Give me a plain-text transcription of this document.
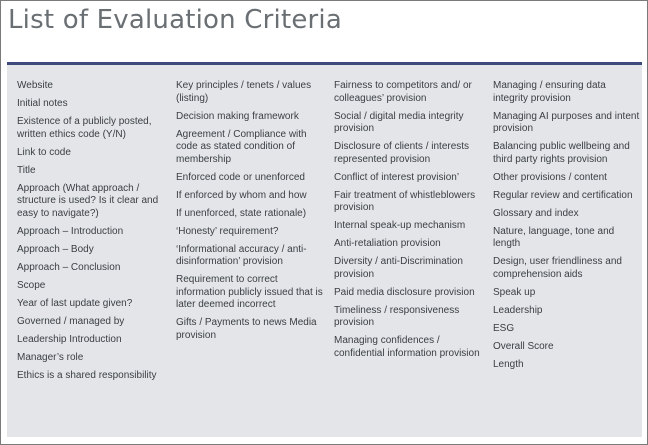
List of Evaluation Criteria
Website
Initial notes
Existence of a publicly posted, written ethics code (Y/N)
Link to code
Title
Approach (What approach / structure is used? Is it clear and easy to navigate?)
Approach – Introduction
Approach – Body
Approach – Conclusion
Scope
Year of last update given?
Governed / managed by
Leadership Introduction
Manager’s role
Ethics is a shared responsibility
Key principles / tenets / values (listing)
Decision making framework
Agreement / Compliance with code as stated condition of membership
Enforced code or unenforced
If enforced by whom and how
If unenforced, state rationale)
‘Honesty’ requirement?
‘Informational accuracy / anti-disinformation’ provision
Requirement to correct information publicly issued that is later deemed incorrect
Gifts / Payments to news Media provision
Fairness to competitors and/ or colleagues’ provision
Social / digital media integrity provision
Disclosure of clients / interests represented provision
Conflict of interest provision’
Fair treatment of whistleblowers provision
Internal speak-up mechanism
Anti-retaliation provision
Diversity / anti-Discrimination provision
Paid media disclosure provision
Timeliness / responsiveness provision
Managing confidences / confidential information provision
Managing / ensuring data integrity provision
Managing AI purposes and intent provision
Balancing public wellbeing and third party rights provision
Other provisions / content
Regular review and certification
Glossary and index
Nature, language, tone and length
Design, user friendliness and comprehension aids
Speak up
Leadership
ESG
Overall Score
Length
